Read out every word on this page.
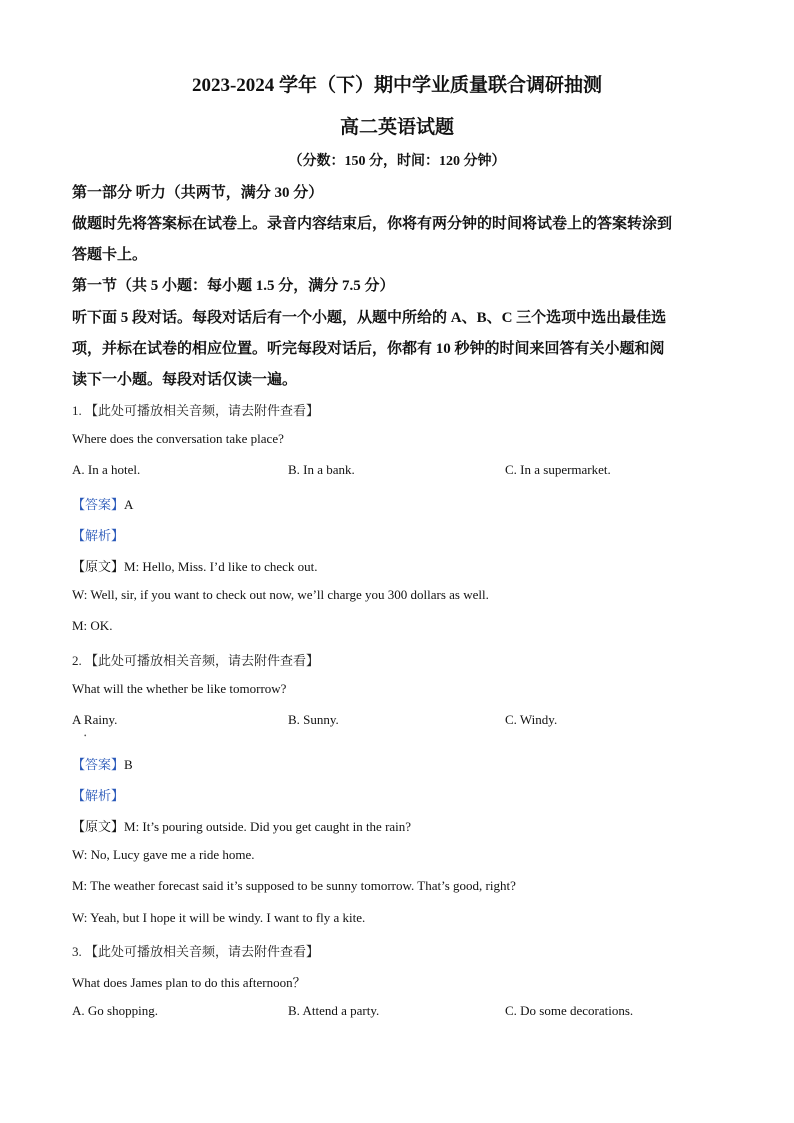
2023-2024 学年（下）期中学业质量联合调研抽测
高二英语试题
（分数：150 分，时间：120 分钟）
第一部分 听力（共两节，满分 30 分）
做题时先将答案标在试卷上。录音内容结束后，你将有两分钟的时间将试卷上的答案转涂到
答题卡上。
第一节（共 5 小题：每小题 1.5 分，满分 7.5 分）
听下面 5 段对话。每段对话后有一个小题，从题中所给的 A、B、C 三个选项中选出最佳选
项，并标在试卷的相应位置。听完每段对话后，你都有 10 秒钟的时间来回答有关小题和阅
读下一小题。每段对话仅读一遍。
1. 【此处可播放相关音频，请去附件查看】
Where does the conversation take place?
A. In a hotel.	B. In a bank.	C. In a supermarket.
【答案】A
【解析】
【原文】M: Hello, Miss. I’d like to check out.
W: Well, sir, if you want to check out now, we’ll charge you 300 dollars as well.
M: OK.
2. 【此处可播放相关音频，请去附件查看】
What will the whether be like tomorrow?
A Rainy.	B. Sunny.	C. Windy.
•
【答案】B
【解析】
【原文】M: It’s pouring outside. Did you get caught in the rain?
W: No, Lucy gave me a ride home.
M: The weather forecast said it’s supposed to be sunny tomorrow. That’s good, right?
W: Yeah, but I hope it will be windy. I want to fly a kite.
3. 【此处可播放相关音频，请去附件查看】
What does James plan to do this afternoon？
A. Go shopping.	B. Attend a party.	C. Do some decorations.
